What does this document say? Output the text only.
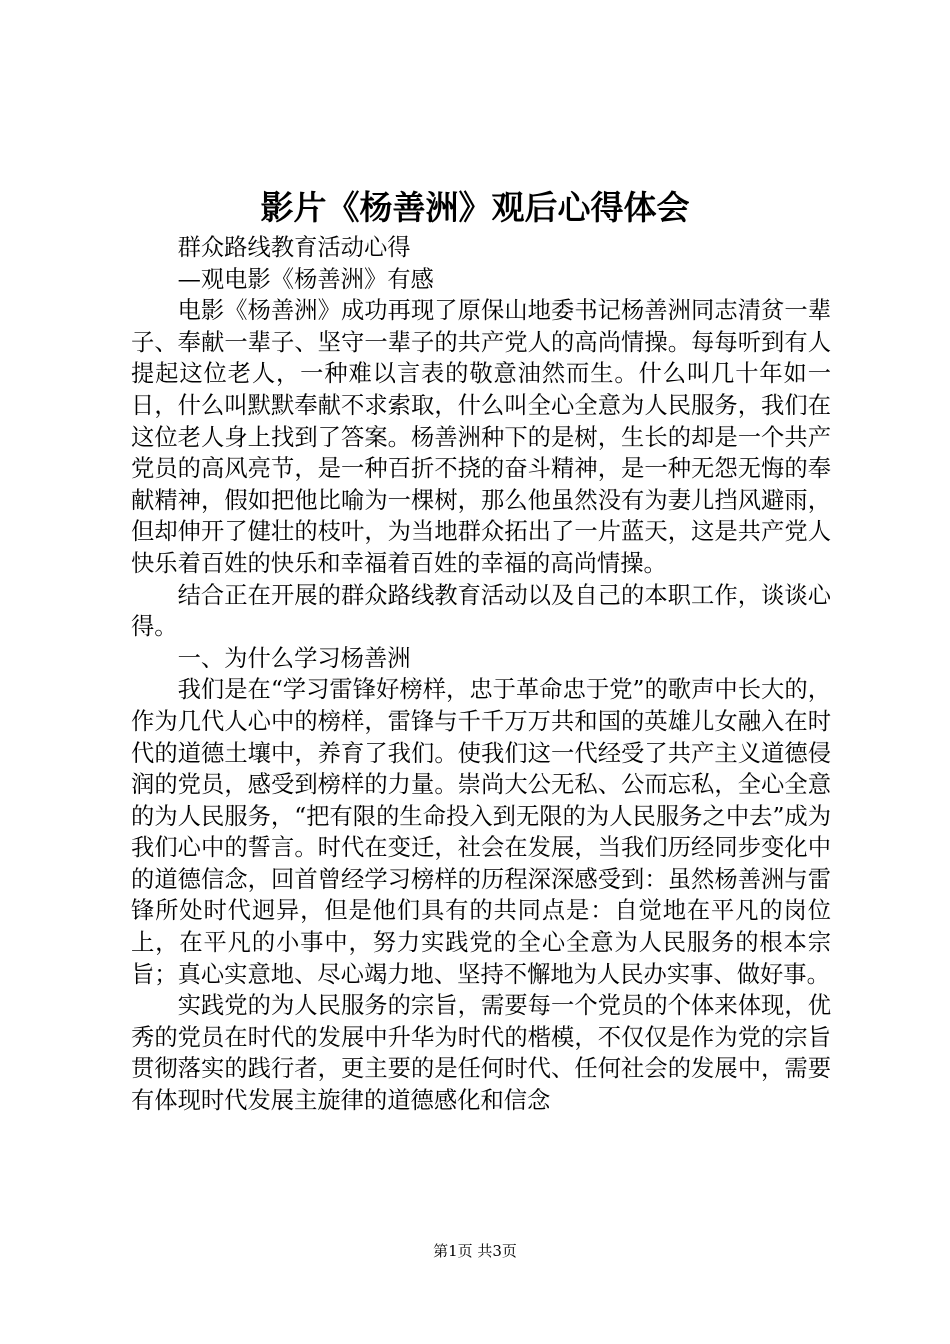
影片《杨善洲》观后心得体会

群众路线教育活动心得

—观电影《杨善洲》有感

电影《杨善洲》成功再现了原保山地委书记杨善洲同志清贫一辈子、奉献一辈子、坚守一辈子的共产党人的高尚情操。每每听到有人提起这位老人，一种难以言表的敬意油然而生。什么叫几十年如一日，什么叫默默奉献不求索取，什么叫全心全意为人民服务，我们在这位老人身上找到了答案。杨善洲种下的是树，生长的却是一个共产党员的高风亮节，是一种百折不挠的奋斗精神，是一种无怨无悔的奉献精神，假如把他比喻为一棵树，那么他虽然没有为妻儿挡风避雨，但却伸开了健壮的枝叶，为当地群众拓出了一片蓝天，这是共产党人快乐着百姓的快乐和幸福着百姓的幸福的高尚情操。

结合正在开展的群众路线教育活动以及自己的本职工作，谈谈心得。

一、为什么学习杨善洲

我们是在“学习雷锋好榜样，忠于革命忠于党”的歌声中长大的，作为几代人心中的榜样，雷锋与千千万万共和国的英雄儿女融入在时代的道德土壤中，养育了我们。使我们这一代经受了共产主义道德侵润的党员，感受到榜样的力量。崇尚大公无私、公而忘私，全心全意的为人民服务，“把有限的生命投入到无限的为人民服务之中去”成为我们心中的誓言。时代在变迁，社会在发展，当我们历经同步变化中的道德信念，回首曾经学习榜样的历程深深感受到：虽然杨善洲与雷锋所处时代迥异，但是他们具有的共同点是：自觉地在平凡的岗位上，在平凡的小事中，努力实践党的全心全意为人民服务的根本宗旨；真心实意地、尽心竭力地、坚持不懈地为人民办实事、做好事。

实践党的为人民服务的宗旨，需要每一个党员的个体来体现，优秀的党员在时代的发展中升华为时代的楷模，不仅仅是作为党的宗旨贯彻落实的践行者，更主要的是任何时代、任何社会的发展中，需要有体现时代发展主旋律的道德感化和信念

第1页 共3页
